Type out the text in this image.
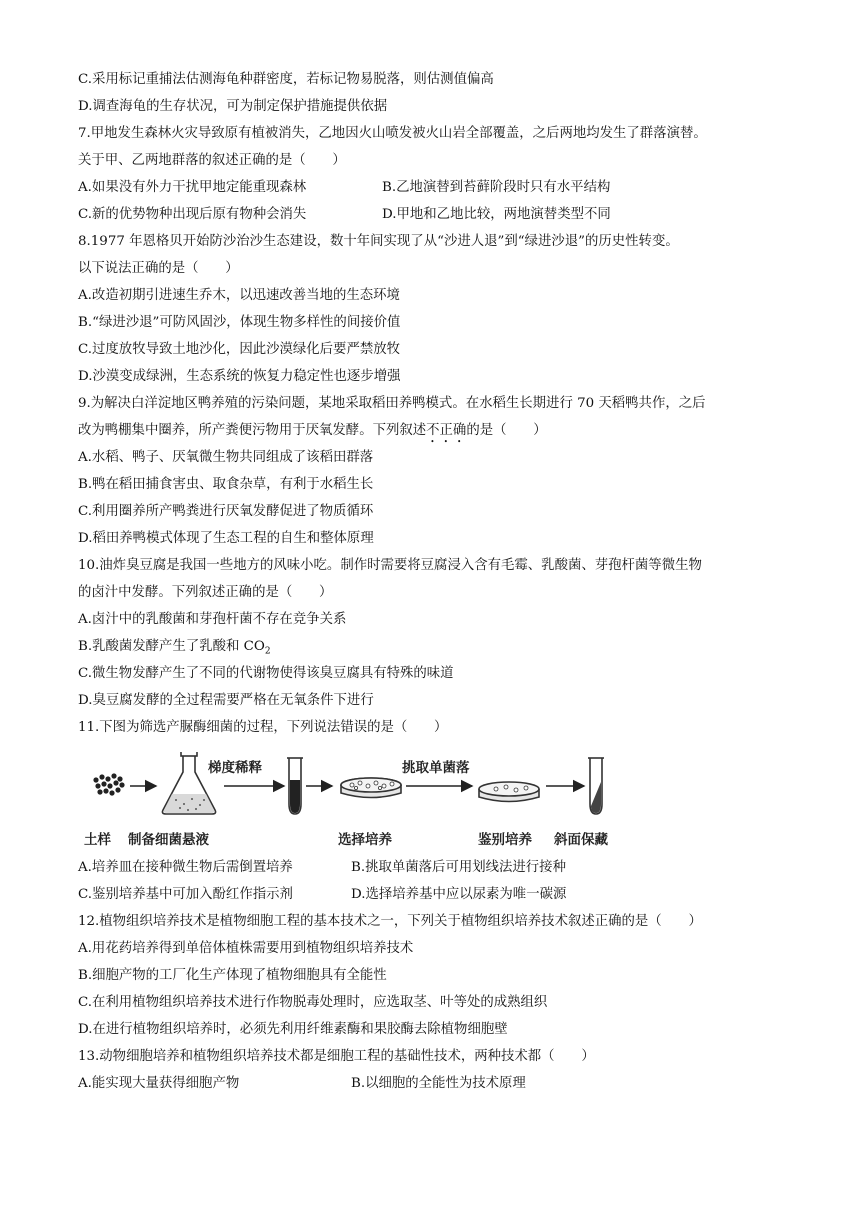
C.采用标记重捕法估测海龟种群密度，若标记物易脱落，则估测值偏高
D.调查海龟的生存状况，可为制定保护措施提供依据
7.甲地发生森林火灾导致原有植被消失，乙地因火山喷发被火山岩全部覆盖，之后两地均发生了群落演替。
关于甲、乙两地群落的叙述正确的是（　　）
A.如果没有外力干扰甲地定能重现森林	B.乙地演替到苔藓阶段时只有水平结构
C.新的优势物种出现后原有物种会消失	D.甲地和乙地比较，两地演替类型不同
8.1977 年恩格贝开始防沙治沙生态建设，数十年间实现了从“沙进人退”到“绿进沙退”的历史性转变。
以下说法正确的是（　　）
A.改造初期引进速生乔木，以迅速改善当地的生态环境
B.“绿进沙退”可防风固沙，体现生物多样性的间接价值
C.过度放牧导致土地沙化，因此沙漠绿化后要严禁放牧
D.沙漠变成绿洲，生态系统的恢复力稳定性也逐步增强
9.为解决白洋淀地区鸭养殖的污染问题，某地采取稻田养鸭模式。在水稻生长期进行 70 天稻鸭共作，之后
改为鸭棚集中圈养，所产粪便污物用于厌氧发酵。下列叙述不正确的是（　　）
A.水稻、鸭子、厌氧微生物共同组成了该稻田群落
B.鸭在稻田捕食害虫、取食杂草，有利于水稻生长
C.利用圈养所产鸭粪进行厌氧发酵促进了物质循环
D.稻田养鸭模式体现了生态工程的自生和整体原理
10.油炸臭豆腐是我国一些地方的风味小吃。制作时需要将豆腐浸入含有毛霉、乳酸菌、芽孢杆菌等微生物
的卤汁中发酵。下列叙述正确的是（　　）
A.卤汁中的乳酸菌和芽孢杆菌不存在竞争关系
B.乳酸菌发酵产生了乳酸和 $CO_2$
C.微生物发酵产生了不同的代谢物使得该臭豆腐具有特殊的味道
D.臭豆腐发酵的全过程需要严格在无氧条件下进行
11.下图为筛选产脲酶细菌的过程，下列说法错误的是（　　）
梯度稀释	挑取单菌落
土样 制备细菌悬液	选择培养	鉴别培养 斜面保藏
A.培养皿在接种微生物后需倒置培养	B.挑取单菌落后可用划线法进行接种
C.鉴别培养基中可加入酚红作指示剂	D.选择培养基中应以尿素为唯一碳源
12.植物组织培养技术是植物细胞工程的基本技术之一，下列关于植物组织培养技术叙述正确的是（　　）
A.用花药培养得到单倍体植株需要用到植物组织培养技术
B.细胞产物的工厂化生产体现了植物细胞具有全能性
C.在利用植物组织培养技术进行作物脱毒处理时，应选取茎、叶等处的成熟组织
D.在进行植物组织培养时，必须先利用纤维素酶和果胶酶去除植物细胞壁
13.动物细胞培养和植物组织培养技术都是细胞工程的基础性技术，两种技术都（　　）
A.能实现大量获得细胞产物	B.以细胞的全能性为技术原理
